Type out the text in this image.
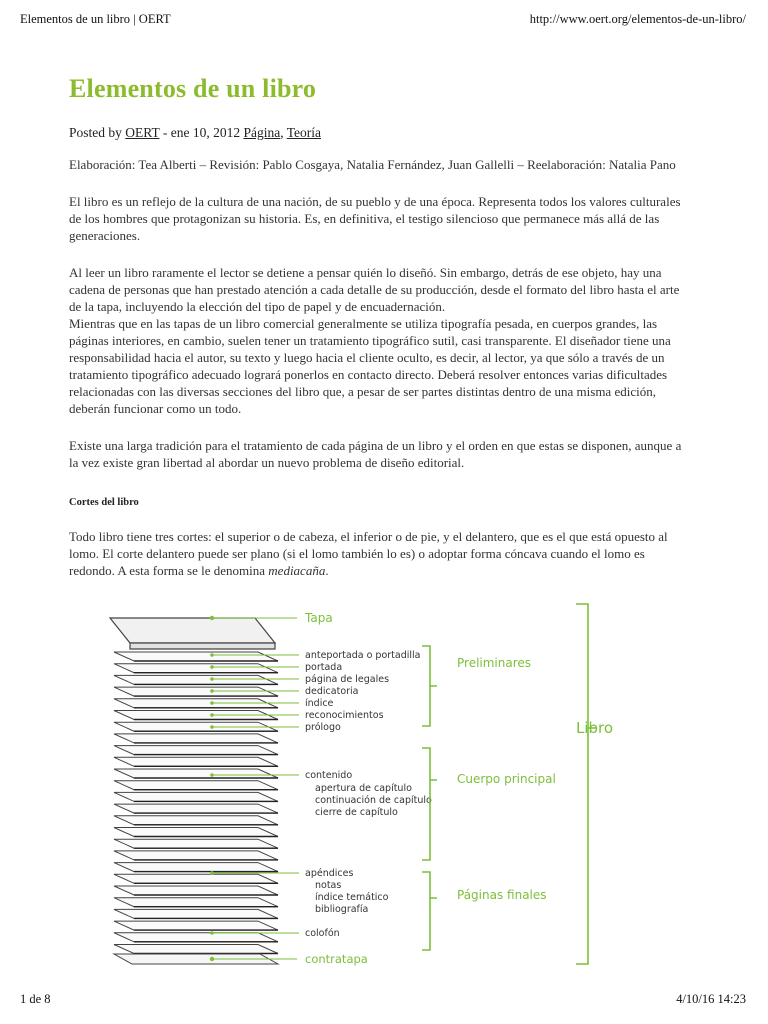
Elementos de un libro | OERT	http://www.oert.org/elementos-de-un-libro/
Elementos de un libro
Posted by OERT - ene 10, 2012 Página, Teoría

Elaboración: Tea Alberti – Revisión: Pablo Cosgaya, Natalia Fernández, Juan Gallelli – Reelaboración: Natalia Pano

El libro es un reflejo de la cultura de una nación, de su pueblo y de una época. Representa todos los valores culturales de los hombres que protagonizan su historia. Es, en definitiva, el testigo silencioso que permanece más allá de las generaciones.

Al leer un libro raramente el lector se detiene a pensar quién lo diseñó. Sin embargo, detrás de ese objeto, hay una cadena de personas que han prestado atención a cada detalle de su producción, desde el formato del libro hasta el arte de la tapa, incluyendo la elección del tipo de papel y de encuadernación.

Mientras que en las tapas de un libro comercial generalmente se utiliza tipografía pesada, en cuerpos grandes, las páginas interiores, en cambio, suelen tener un tratamiento tipográfico sutil, casi transparente. El diseñador tiene una responsabilidad hacia el autor, su texto y luego hacia el cliente oculto, es decir, al lector, ya que sólo a través de un tratamiento tipográfico adecuado logrará ponerlos en contacto directo. Deberá resolver entonces varias dificultades relacionadas con las diversas secciones del libro que, a pesar de ser partes distintas dentro de una misma edición, deberán funcionar como un todo.

Existe una larga tradición para el tratamiento de cada página de un libro y el orden en que estas se disponen, aunque a la vez existe gran libertad al abordar un nuevo problema de diseño editorial.

Cortes del libro

Todo libro tiene tres cortes: el superior o de cabeza, el inferior o de pie, y el delantero, que es el que está opuesto al lomo. El corte delantero puede ser plano (si el lomo también lo es) o adoptar forma cóncava cuando el lomo es redondo. A esta forma se le denomina mediacaña.

Tapa
anteportada o portadilla
portada
página de legales
dedicatoria
índice
reconocimientos
prólogo
contenido
apertura de capítulo
continuación de capítulo
cierre de capítulo
apéndices
notas
índice temático
bibliografía
colofón
contratapa
Preliminares
Cuerpo principal
Páginas finales
Libro
1 de 8	4/10/16 14:23
